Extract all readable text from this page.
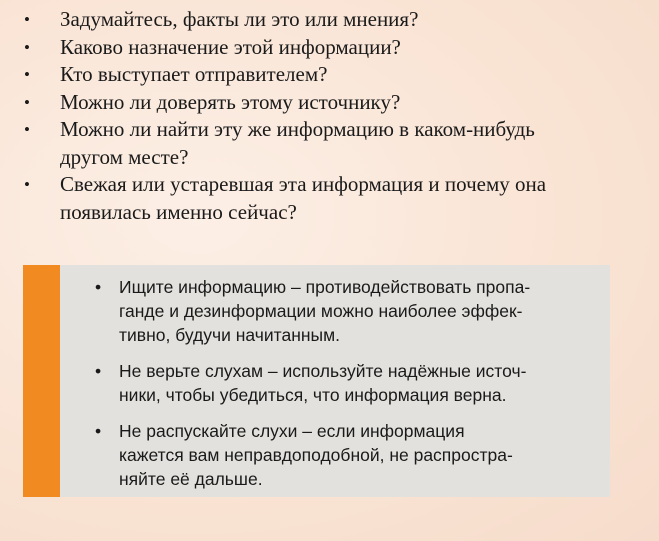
• Задумайтесь, факты ли это или мнения?
• Каково назначение этой информации?
• Кто выступает отправителем?
• Можно ли доверять этому источнику?
• Можно ли найти эту же информацию в каком-нибудь
другом месте?
• Свежая или устаревшая эта информация и почему она
появилась именно сейчас?
• Ищите информацию – противодействовать пропа-
ганде и дезинформации можно наиболее эффек-
тивно, будучи начитанным.
• Не верьте слухам – используйте надёжные источ-
ники, чтобы убедиться, что информация верна.
• Не распускайте слухи – если информация
кажется вам неправдоподобной, не распростра-
няйте её дальше.
